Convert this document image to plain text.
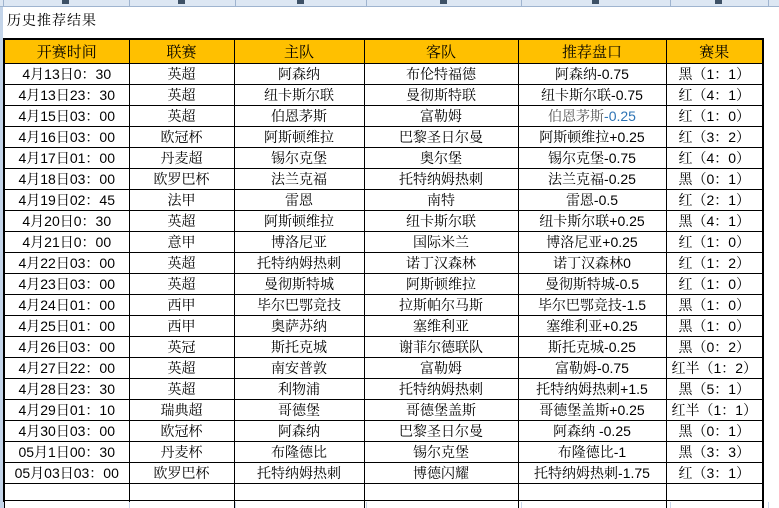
历史推荐结果
开赛时间	联赛	主队	客队	推荐盘口	赛果
4月13日0：30	英超	阿森纳	布伦特福德	阿森纳-0.75	黑（1：1）
4月13日23：30	英超	纽卡斯尔联	曼彻斯特联	纽卡斯尔联-0.75	红（4：1）
4月15日03：00	英超	伯恩茅斯	富勒姆	伯恩茅斯-0.25	红（1：0）
4月16日03：00	欧冠杯	阿斯顿维拉	巴黎圣日尔曼	阿斯顿维拉+0.25	红（3：2）
4月17日01：00	丹麦超	锡尔克堡	奥尔堡	锡尔克堡-0.75	红（4：0）
4月18日03：00	欧罗巴杯	法兰克福	托特纳姆热刺	法兰克福-0.25	黑（0：1）
4月19日02：45	法甲	雷恩	南特	雷恩-0.5	红（2：1）
4月20日0：30	英超	阿斯顿维拉	纽卡斯尔联	纽卡斯尔联+0.25	黑（4：1）
4月21日0：00	意甲	博洛尼亚	国际米兰	博洛尼亚+0.25	红（1：0）
4月22日03：00	英超	托特纳姆热刺	诺丁汉森林	诺丁汉森林0	红（1：2）
4月23日03：00	英超	曼彻斯特城	阿斯顿维拉	曼彻斯特城-0.5	红（1：0）
4月24日01：00	西甲	毕尔巴鄂竞技	拉斯帕尔马斯	毕尔巴鄂竞技-1.5	黑（1：0）
4月25日01：00	西甲	奥萨苏纳	塞维利亚	塞维利亚+0.25	黑（1：0）
4月26日03：00	英冠	斯托克城	谢菲尔德联队	斯托克城-0.25	黑（0：2）
4月27日22：00	英超	南安普敦	富勒姆	富勒姆-0.75	红半（1：2）
4月28日23：30	英超	利物浦	托特纳姆热刺	托特纳姆热刺+1.5	黑（5：1）
4月29日01：10	瑞典超	哥德堡	哥德堡盖斯	哥德堡盖斯+0.25	红半（1：1）
4月30日03：00	欧冠杯	阿森纳	巴黎圣日尔曼	阿森纳 -0.25	黑（0：1）
05月1日00：30	丹麦杯	布隆德比	锡尔克堡	布隆德比-1	黑（3：3）
05月03日03：00	欧罗巴杯	托特纳姆热刺	博德闪耀	托特纳姆热刺-1.75	红（3：1）
